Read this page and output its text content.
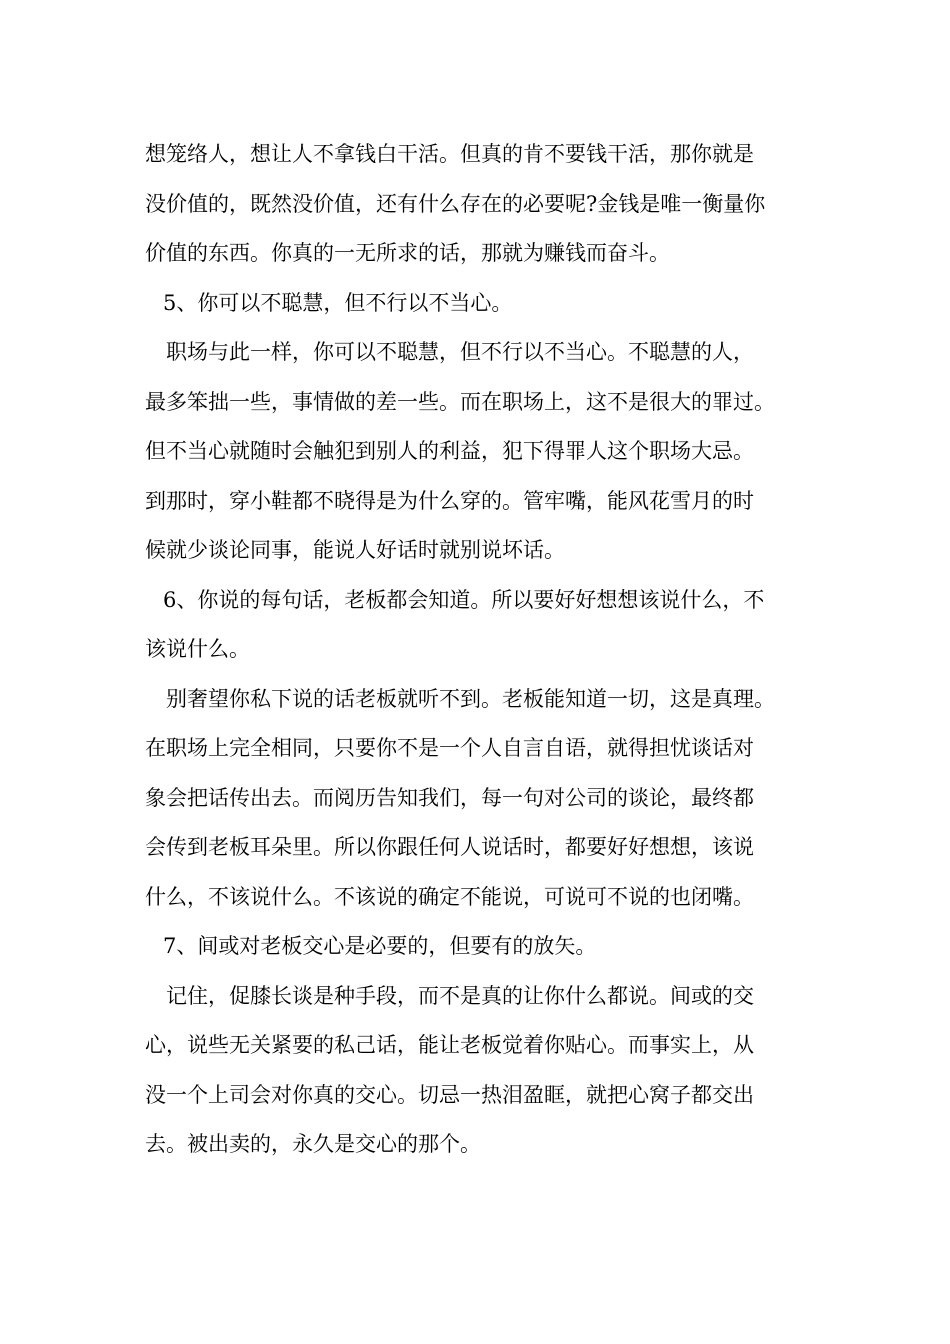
想笼络人，想让人不拿钱白干活。但真的肯不要钱干活，那你就是
没价值的，既然没价值，还有什么存在的必要呢?金钱是唯一衡量你
价值的东西。你真的一无所求的话，那就为赚钱而奋斗。
5、你可以不聪慧，但不行以不当心。
职场与此一样，你可以不聪慧，但不行以不当心。不聪慧的人，
最多笨拙一些，事情做的差一些。而在职场上，这不是很大的罪过。
但不当心就随时会触犯到别人的利益，犯下得罪人这个职场大忌。
到那时，穿小鞋都不晓得是为什么穿的。管牢嘴，能风花雪月的时
候就少谈论同事，能说人好话时就别说坏话。
6、你说的每句话，老板都会知道。所以要好好想想该说什么，不
该说什么。
别奢望你私下说的话老板就听不到。老板能知道一切，这是真理。
在职场上完全相同，只要你不是一个人自言自语，就得担忧谈话对
象会把话传出去。而阅历告知我们，每一句对公司的谈论，最终都
会传到老板耳朵里。所以你跟任何人说话时，都要好好想想，该说
什么，不该说什么。不该说的确定不能说，可说可不说的也闭嘴。
7、间或对老板交心是必要的，但要有的放矢。
记住，促膝长谈是种手段，而不是真的让你什么都说。间或的交
心，说些无关紧要的私己话，能让老板觉着你贴心。而事实上，从
没一个上司会对你真的交心。切忌一热泪盈眶，就把心窝子都交出
去。被出卖的，永久是交心的那个。
